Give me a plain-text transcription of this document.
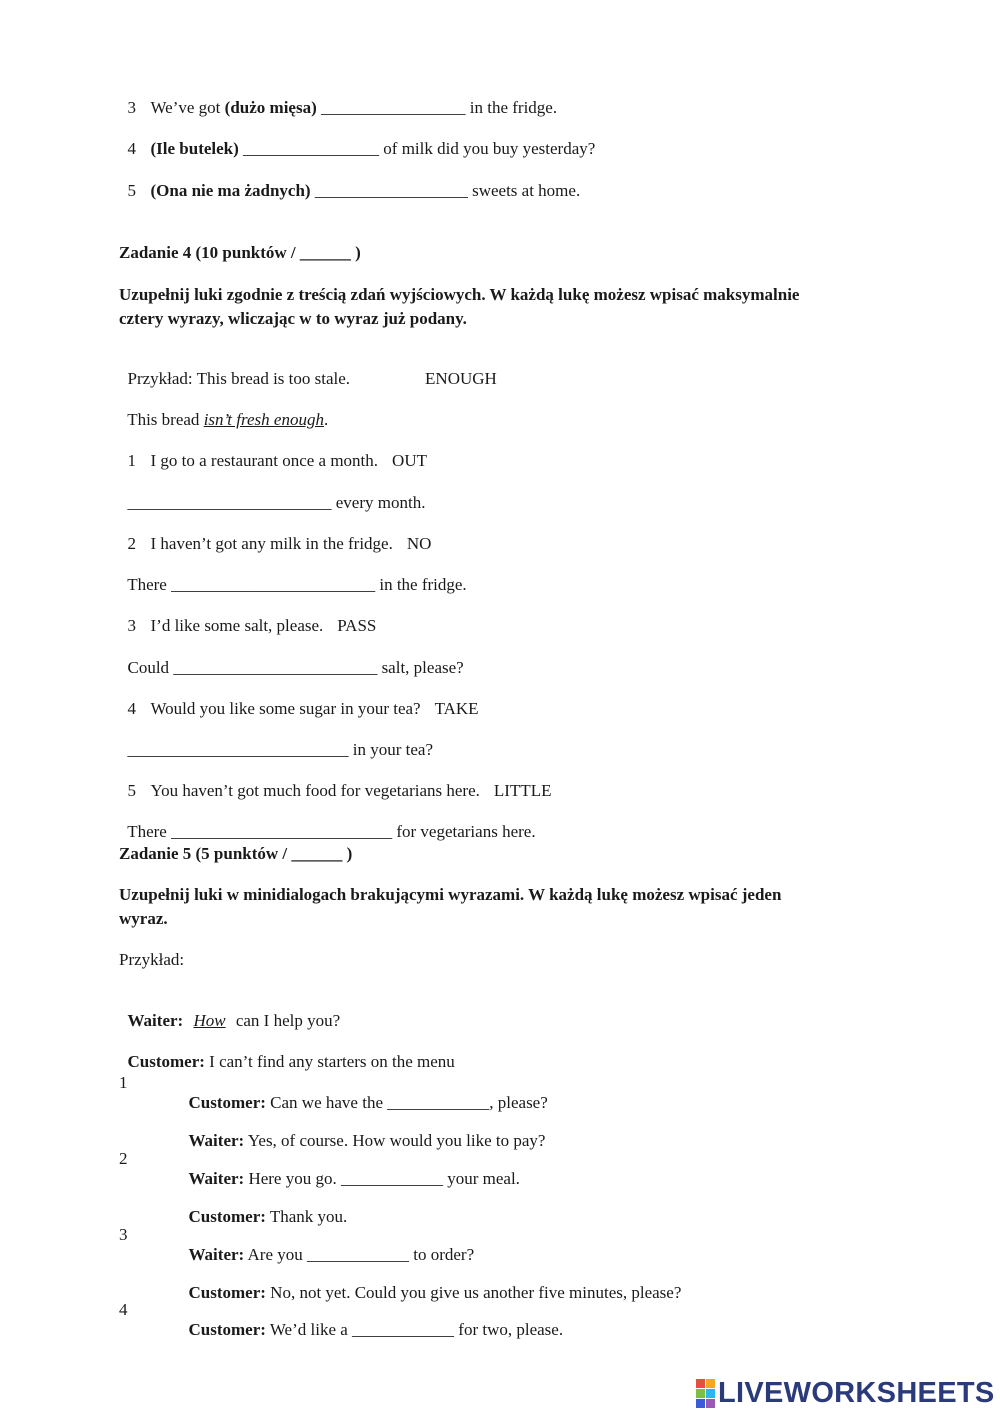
3 We’ve got (dużo mięsa) _________________ in the fridge.

4 (Ile butelek) ________________ of milk did you buy yesterday?

5 (Ona nie ma żadnych) __________________ sweets at home.

Zadanie 4 (10 punktów / ______ )
Uzupełnij luki zgodnie z treścią zdań wyjściowych. W każdą lukę możesz wpisać maksymalnie
cztery wyrazy, wliczając w to wyraz już podany.

Przykład: This bread is too stale.	ENOUGH

This bread isn’t fresh enough.

1 I go to a restaurant once a month. OUT

________________________ every month.

2 I haven’t got any milk in the fridge. NO

There ________________________ in the fridge.

3 I’d like some salt, please. PASS

Could ________________________ salt, please?

4 Would you like some sugar in your tea? TAKE

__________________________ in your tea?

5 You haven’t got much food for vegetarians here. LITTLE

There __________________________ for vegetarians here.

Zadanie 5 (5 punktów / ______ )
Uzupełnij luki w minidialogach brakującymi wyrazami. W każdą lukę możesz wpisać jeden
wyraz.
Przykład:

Waiter: How can I help you?

Customer: I can’t find any starters on the menu

1

Customer: Can we have the ____________, please?

Waiter: Yes, of course. How would you like to pay?

2

Waiter: Here you go. ____________ your meal.

Customer: Thank you.

3

Waiter: Are you ____________ to order?

Customer: No, not yet. Could you give us another five minutes, please?

4

Customer: We’d like a ____________ for two, please.

LIVEWORKSHEETS
